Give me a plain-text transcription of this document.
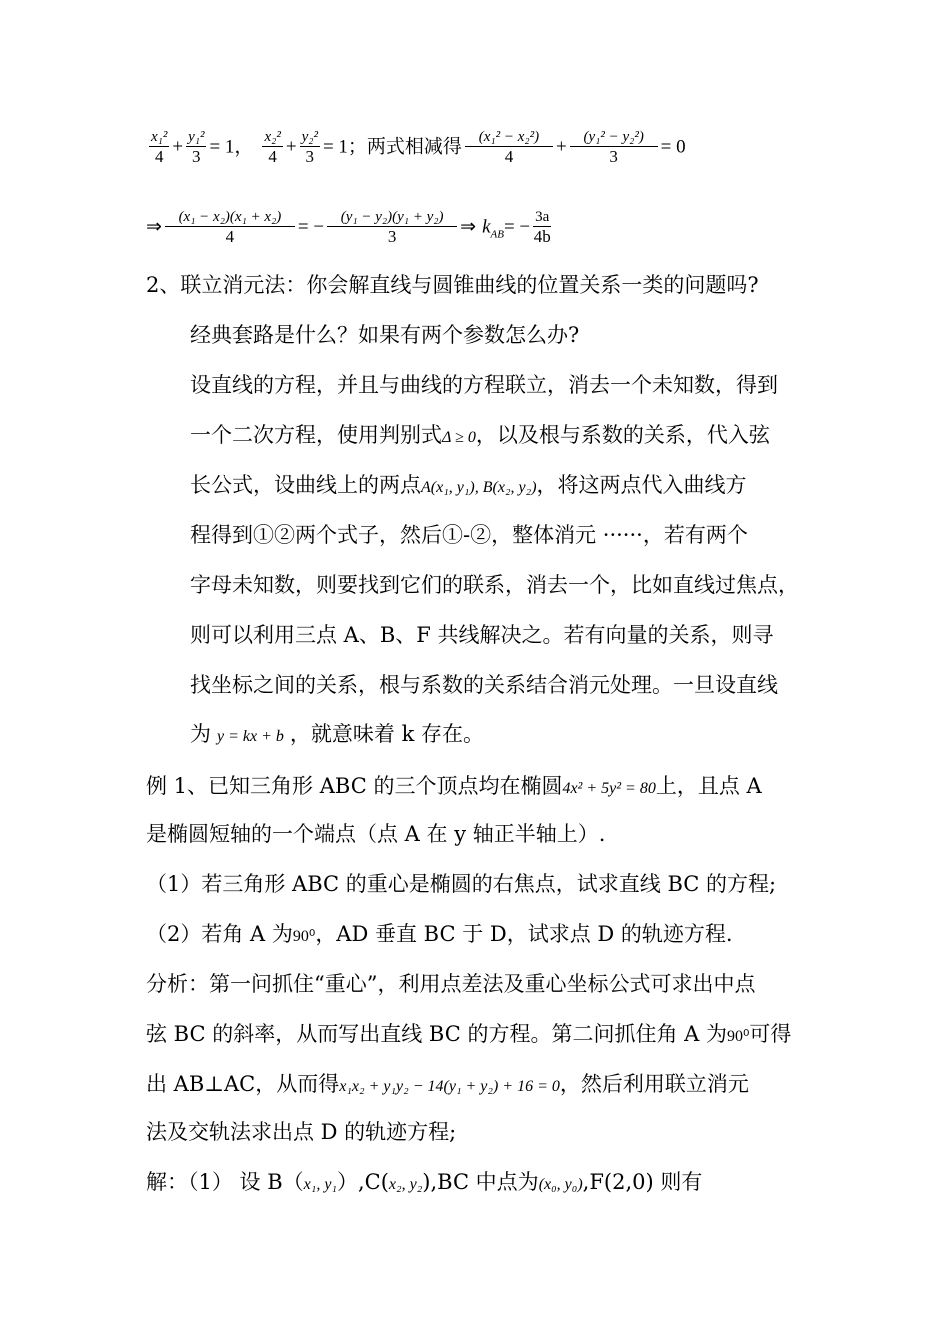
$\frac{\text{x₁²}}{4} + \frac{\text{y₁²}}{3} = 1$， $\frac{\text{x₂²}}{4} + \frac{\text{y₂²}}{3} = 1$；两式相减得 $\frac{\text{(x₁² − x₂²)}}{4} + \frac{\text{(y₁² − y₂²)}}{3} = 0$
⇒ $\frac{\text{(x₁ − x₂)(x₁ + x₂)}}{4}$ = − $\frac{\text{(y₁ − y₂)(y₁ + y₂)}}{3}$ ⇒ $k_{AB}= - \frac{3a}{4b}$
2、联立消元法：你会解直线与圆锥曲线的位置关系一类的问题吗?
经典套路是什么？如果有两个参数怎么办?
设直线的方程，并且与曲线的方程联立，消去一个未知数，得到
一个二次方程，使用判别式Δ ≥ 0，以及根与系数的关系，代入弦
长公式，设曲线上的两点A(x₁, y₁), B(x₂, y₂)，将这两点代入曲线方
程得到①②两个式子，然后①-②，整体消元 ······，若有两个
字母未知数，则要找到它们的联系，消去一个，比如直线过焦点，
则可以利用三点 A、B、F 共线解决之。若有向量的关系，则寻
找坐标之间的关系，根与系数的关系结合消元处理。一旦设直线
为 y = kx + b ，就意味着 k 存在。
例 1、已知三角形 ABC 的三个顶点均在椭圆4x² + 5y² = 80上，且点 A
是椭圆短轴的一个端点（点 A 在 y 轴正半轴上）.
（1）若三角形 ABC 的重心是椭圆的右焦点，试求直线 BC 的方程;
（2）若角 A 为90⁰，AD 垂直 BC 于 D，试求点 D 的轨迹方程.
分析：第一问抓住“重心”，利用点差法及重心坐标公式可求出中点
弦 BC 的斜率，从而写出直线 BC 的方程。第二问抓住角 A 为90⁰可得
出 AB⊥AC，从而得x₁x₂ + y₁y₂ − 14(y₁ + y₂) + 16 = 0，然后利用联立消元
法及交轨法求出点 D 的轨迹方程;
解：（1） 设 B（x₁, y₁）,C(x₂, y₂),BC 中点为(x₀, y₀),F(2,0) 则有
